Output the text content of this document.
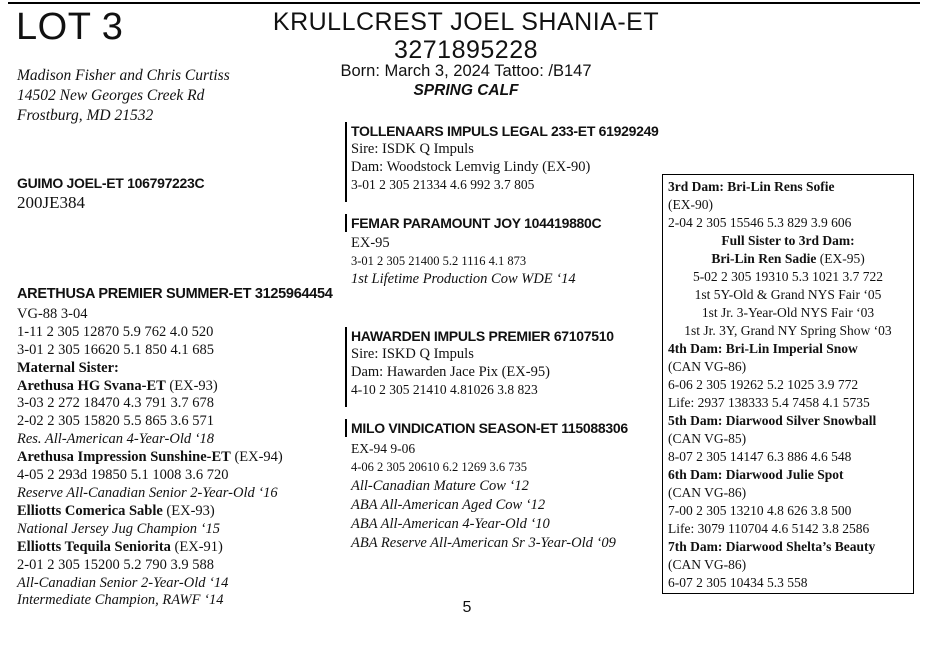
LOT 3	KRULLCREST JOEL SHANIA-ET
3271895228
Born: March 3, 2024 Tattoo: /B147
SPRING CALF
Madison Fisher and Chris Curtiss
14502 New Georges Creek Rd
Frostburg, MD 21532
GUIMO JOEL-ET 106797223C
200JE384
TOLLENAARS IMPULS LEGAL 233-ET 61929249
Sire: ISDK Q Impuls
Dam: Woodstock Lemvig Lindy (EX-90)
3-01 2 305 21334 4.6 992 3.7 805
FEMAR PARAMOUNT JOY 104419880C
EX-95
3-01 2 305 21400 5.2 1116 4.1 873
1st Lifetime Production Cow WDE ‘14
ARETHUSA PREMIER SUMMER-ET 3125964454
VG-88 3-04
1-11 2 305 12870 5.9 762 4.0 520
3-01 2 305 16620 5.1 850 4.1 685
Maternal Sister:
Arethusa HG Svana-ET (EX-93)
3-03 2 272 18470 4.3 791 3.7 678
2-02 2 305 15820 5.5 865 3.6 571
Res. All-American 4-Year-Old ‘18
Arethusa Impression Sunshine-ET (EX-94)
4-05 2 293d 19850 5.1 1008 3.6 720
Reserve All-Canadian Senior 2-Year-Old ‘16
Elliotts Comerica Sable (EX-93)
National Jersey Jug Champion ‘15
Elliotts Tequila Seniorita (EX-91)
2-01 2 305 15200 5.2 790 3.9 588
All-Canadian Senior 2-Year-Old ‘14
Intermediate Champion, RAWF ‘14
HAWARDEN IMPULS PREMIER 67107510
Sire: ISKD Q Impuls
Dam: Hawarden Jace Pix (EX-95)
4-10 2 305 21410 4.81026 3.8 823
MILO VINDICATION SEASON-ET 115088306
EX-94 9-06
4-06 2 305 20610 6.2 1269 3.6 735
All-Canadian Mature Cow ‘12
ABA All-American Aged Cow ‘12
ABA All-American 4-Year-Old ‘10
ABA Reserve All-American Sr 3-Year-Old ‘09
3rd Dam: Bri-Lin Rens Sofie
(EX-90)
2-04 2 305 15546 5.3 829 3.9 606
Full Sister to 3rd Dam:
Bri-Lin Ren Sadie (EX-95)
5-02 2 305 19310 5.3 1021 3.7 722
1st 5Y-Old & Grand NYS Fair ‘05
1st Jr. 3-Year-Old NYS Fair ‘03
1st Jr. 3Y, Grand NY Spring Show ‘03
4th Dam: Bri-Lin Imperial Snow
(CAN VG-86)
6-06 2 305 19262 5.2 1025 3.9 772
Life: 2937 138333 5.4 7458 4.1 5735
5th Dam: Diarwood Silver Snowball
(CAN VG-85)
8-07 2 305 14147 6.3 886 4.6 548
6th Dam: Diarwood Julie Spot
(CAN VG-86)
7-00 2 305 13210 4.8 626 3.8 500
Life: 3079 110704 4.6 5142 3.8 2586
7th Dam: Diarwood Shelta’s Beauty
(CAN VG-86)
6-07 2 305 10434 5.3 558
5
